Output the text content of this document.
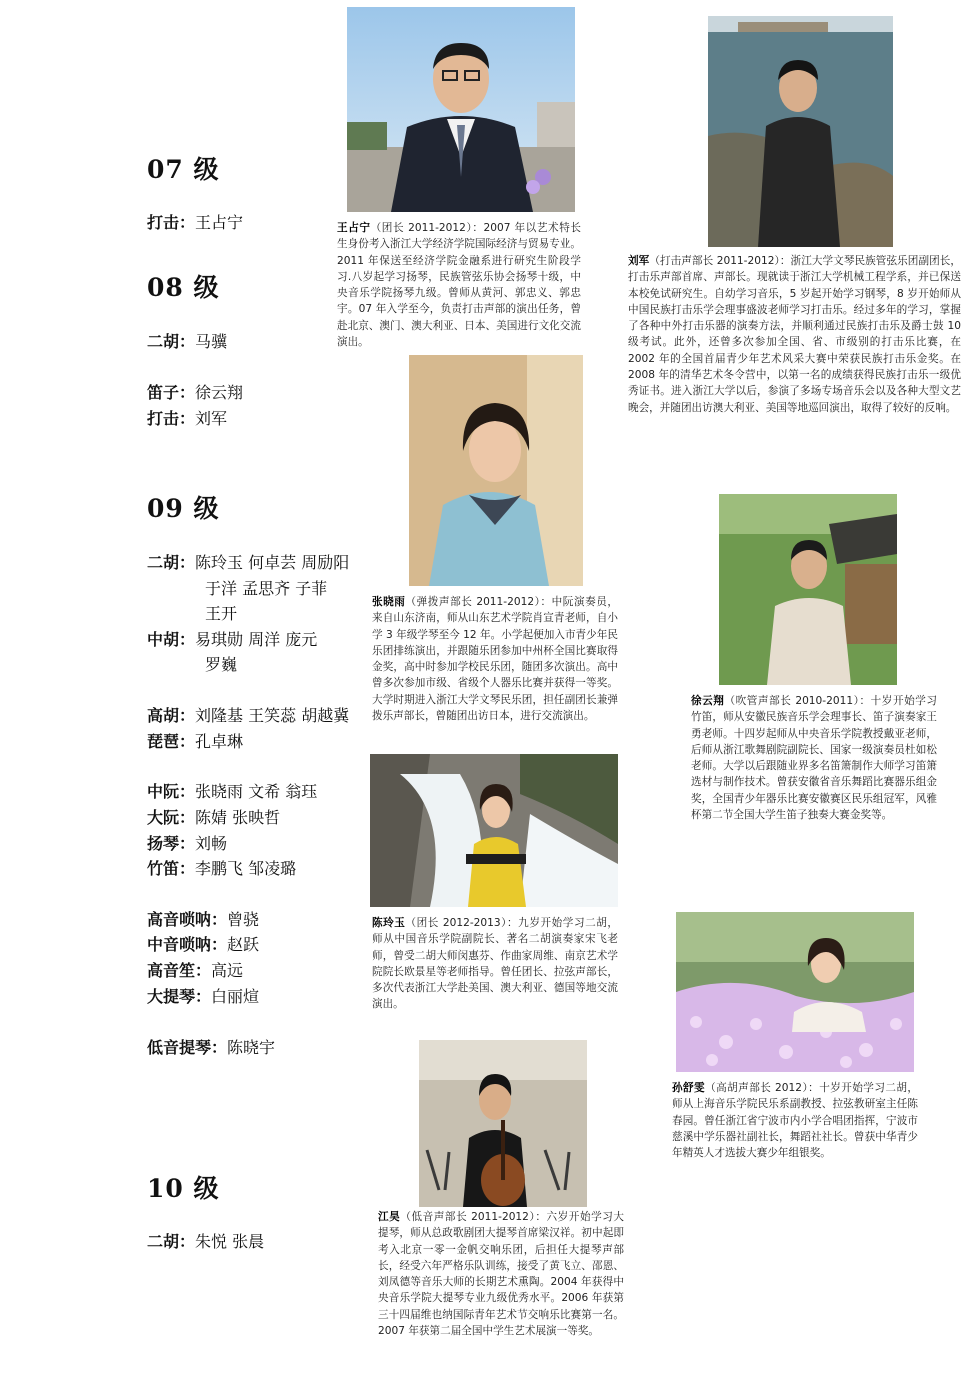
07 级
打击：王占宁
08 级
二胡：马骥
笛子：徐云翔
打击：刘军
09 级
二胡：陈玲玉 何卓芸 周励阳
于洋 孟思齐 子菲
王开
中胡：易琪勋 周洋 庞元
罗巍
高胡：刘隆基 王笑蕊 胡越冀
琵琶：孔卓琳
中阮：张晓雨 文希 翁珏
大阮：陈婧 张映哲
扬琴：刘畅
竹笛：李鹏飞 邹凌璐
高音唢呐：曾骁
中音唢呐：赵跃
高音笙：高远
大提琴：白丽煊
低音提琴：陈晓宇
10 级
二胡：朱悦 张晨
王占宁（团长 2011-2012）：2007 年以艺术特长生身份考入浙江大学经济学院国际经济与贸易专业。2011 年保送至经济学院金融系进行研究生阶段学习.八岁起学习扬琴，民族管弦乐协会扬琴十级，中央音乐学院扬琴九级。曾师从黄河、郭忠义、郭忠宇。07 年入学至今，负责打击声部的演出任务，曾赴北京、澳门、澳大利亚、日本、美国进行文化交流演出。
刘军（打击声部长 2011-2012）：浙江大学文琴民族管弦乐团副团长，打击乐声部首席、声部长。现就读于浙江大学机械工程学系，并已保送本校免试研究生。自幼学习音乐，5 岁起开始学习钢琴，8 岁开始师从中国民族打击乐学会理事盛波老师学习打击乐。经过多年的学习，掌握了各种中外打击乐器的演奏方法，并顺利通过民族打击乐及爵士鼓 10 级考试。此外，还曾多次参加全国、省、市级别的打击乐比赛，在 2002 年的全国首届青少年艺术风采大赛中荣获民族打击乐金奖。在 2008 年的清华艺术冬令营中，以第一名的成绩获得民族打击乐一级优秀证书。进入浙江大学以后，参演了多场专场音乐会以及各种大型文艺晚会，并随团出访澳大利亚、美国等地巡回演出，取得了较好的反响。
张晓雨（弹拨声部长 2011-2012）：中阮演奏员，来自山东济南，师从山东艺术学院肖宣青老师，自小学 3 年级学琴至今 12 年。小学起便加入市青少年民乐团排练演出，并跟随乐团参加中州杯全国比赛取得金奖，高中时参加学校民乐团，随团多次演出。高中曾多次参加市级、省级个人器乐比赛并获得一等奖。大学时期进入浙江大学文琴民乐团，担任副团长兼弹拨乐声部长，曾随团出访日本，进行交流演出。
徐云翔（吹管声部长 2010-2011）：十岁开始学习竹笛，师从安徽民族音乐学会理事长、笛子演奏家王勇老师。十四岁起师从中央音乐学院教授戴亚老师，后师从浙江歌舞剧院副院长、国家一级演奏员杜如松老师。大学以后跟随业界多名笛箫制作大师学习笛箫选材与制作技术。曾获安徽省音乐舞蹈比赛器乐组金奖，全国青少年器乐比赛安徽赛区民乐组冠军，风雅杯第二节全国大学生笛子独奏大赛金奖等。
陈玲玉（团长 2012-2013）：九岁开始学习二胡，师从中国音乐学院副院长、著名二胡演奏家宋飞老师，曾受二胡大师闵惠芬、作曲家周维、南京艺术学院院长欧景星等老师指导。曾任团长、拉弦声部长，多次代表浙江大学赴美国、澳大利亚、德国等地交流演出。
孙舒雯（高胡声部长 2012）：十岁开始学习二胡，师从上海音乐学院民乐系副教授、拉弦教研室主任陈春园。曾任浙江省宁波市内小学合唱团指挥，宁波市慈溪中学乐器社副社长，舞蹈社社长。曾获中华青少年精英人才选拔大赛少年组银奖。
江昊（低音声部长 2011-2012）：六岁开始学习大提琴，师从总政歌剧团大提琴首席梁汉祥。初中起即考入北京一零一金帆交响乐团，后担任大提琴声部长，经受六年严格乐队训练，接受了黄飞立、邵恩、刘凤德等音乐大师的长期艺术熏陶。2004 年获得中央音乐学院大提琴专业九级优秀水平。2006 年获第三十四届维也纳国际青年艺术节交响乐比赛第一名。2007 年获第二届全国中学生艺术展演一等奖。
